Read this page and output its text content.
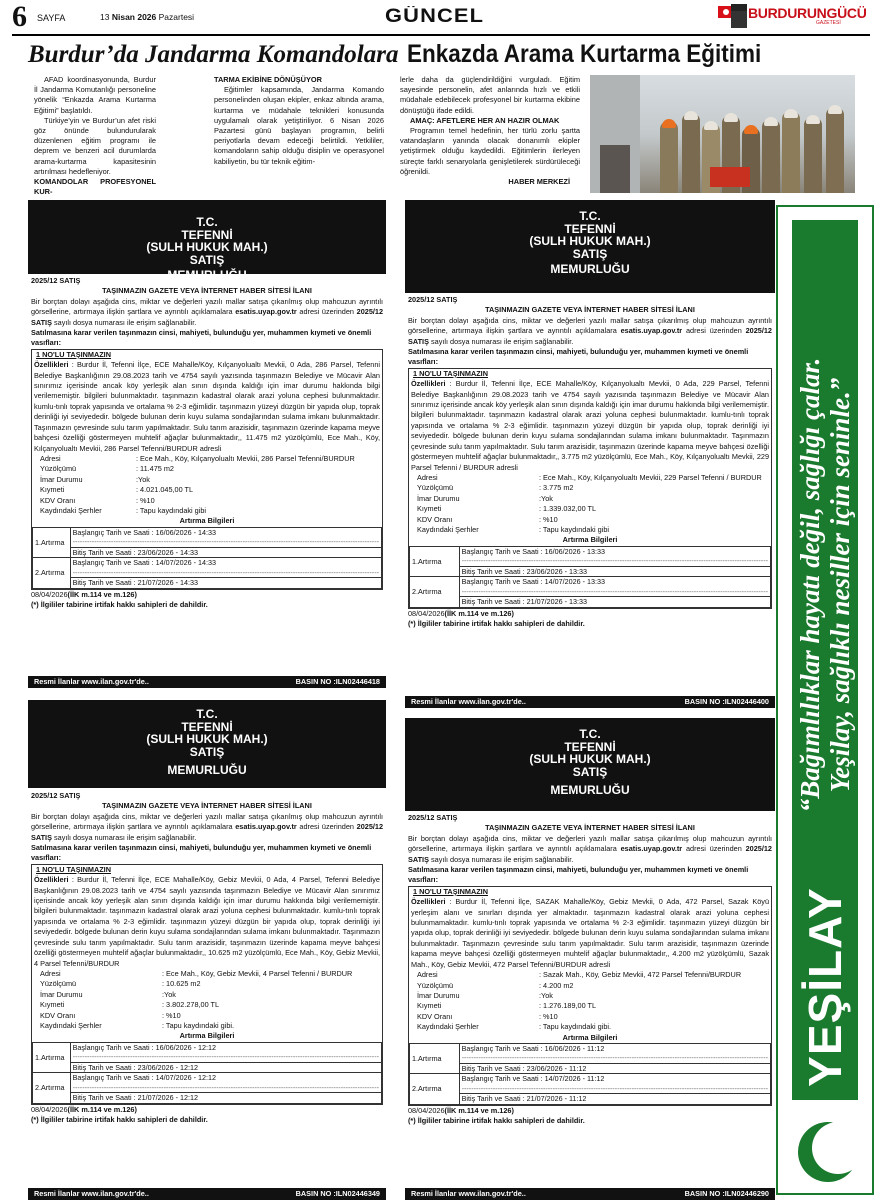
6 SAYFA	13 Nisan 2026 Pazartesi	GÜNCEL	BURDURUNGÜCÜ
GAZETESİ
Burdur’da Jandarma Komandolara Enkazda Arama Kurtarma Eğitimi

AFAD koordinasyonunda, Burdur İl Jandarma Komutanlığı personeline yönelik “Enkazda Arama Kurtarma Eğitimi” başlatıldı.

Türkiye’yin ve Burdur’un afet riski göz önünde bulundurularak düzenlenen eğitim programı ile deprem ve benzeri acil durumlarda arama-kurtarma kapasitesinin artırılması hedefleniyor.

KOMANDOLAR PROFESYONEL KUR-

TARMA EKİBİNE DÖNÜŞÜYOR

Eğitimler kapsamında, Jandarma Komando personelinden oluşan ekipler, enkaz altında arama, kurtarma ve müdahale teknikleri konusunda uygulamalı olarak yetiştiriliyor. 6 Nisan 2026 Pazartesi günü başlayan programın, belirli periyotlarla devam edeceği belirtildi. Yetkililer, komandoların sahip olduğu disiplin ve operasyonel kabiliyetin, bu tür teknik eğitim-

lerle daha da güçlendirildiğini vurguladı. Eğitim sayesinde personelin, afet anlarında hızlı ve etkili müdahale edebilecek profesyonel bir kurtarma ekibine dönüştüğü ifade edildi.

AMAÇ: AFETLERE HER AN HAZIR OLMAK

Programın temel hedefinin, her türlü zorlu şartta vatandaşların yanında olacak donanımlı ekipler yetiştirmek olduğu kaydedildi. Eğitimlerin ilerleyen süreçte farklı senaryolarla genişletilerek sürdürüleceği öğrenildi.

HABER MERKEZİ

T.C.
TEFENNİ
(SULH HUKUK MAH.)
SATIŞ
MEMURLUĞU
2025/12 SATIŞ
TAŞINMAZIN GAZETE VEYA İNTERNET HABER SİTESİ İLANI

Bir borçtan dolayı aşağıda cins, miktar ve değerleri yazılı mallar satışa çıkarılmış olup mahcuzun ayrıntılı görsellerine, artırmaya ilişkin şartlara ve ayrıntılı açıklamalara esatis.uyap.gov.tr adresi üzerinden 2025/12 SATIŞ sayılı dosya numarası ile erişim sağlanabilir.

Satılmasına karar verilen taşınmazın cinsi, mahiyeti, bulunduğu yer, muhammen kıymeti ve önemli vasıfları:
1 NO'LU TAŞINMAZIN

Özellikleri : Burdur İl, Tefenni İlçe, ECE Mahalle/Köy, Kılçanyolualtı Mevkii, 0 Ada, 286 Parsel, Tefenni Belediye Başkanlığının 29.08.2023 tarih ve 4754 sayılı yazısında taşınmazın Belediye ve Mücavir Alan sınırımız içerisinde ancak köy yerleşik alan sınırı dışında kaldığı için imar durumu hakkında bilgi verilememiştir. bilgileri bulunmaktadır. taşınmazın kadastral olarak arazi yoluna cephesi bulunmaktadır. kumlu-tınlı toprak yapısında ve ortalama % 2-3 eğimlidir. taşınmazın yüzeyi düzgün bir yapıda olup, toprak derinliği iyi seviyededir. bölgede bulunan derin kuyu sulama sondajlarından sulama imkanı bulunmaktadır. Taşınmazın çevresinde sulu tarım yapılmaktadır. Sulu tarım arazisidir, taşınmazın üzerinde kapama meyve bahçesi özelliği göstermeyen muhtelif ağaçlar bulunmaktadır,, 11.475 m2 yüzölçümlü, Ece Mah., Köy, Kılçanyolualtı Mevkii, 286 Parsel Tefenni/BURDUR adresli

Adresi	: Ece Mah., Köy, Kılçanyolualtı Mevkii, 286 Parsel Tefenni/BURDUR
Yüzölçümü	: 11.475 m2
İmar Durumu	:Yok
Kıymeti	: 4.021.045,00 TL
KDV Oranı	: %10
Kaydındaki Şerhler	: Tapu kaydındaki gibi
Artırma Bilgileri
1.Artırma	Başlangıç Tarih ve Saati : 16/06/2026 - 14:33
--------------------------------------------------------------------------------------------------------------------------------

	Bitiş Tarih ve Saati : 23/06/2026 - 14:33
2.Artırma	Başlangıç Tarih ve Saati : 14/07/2026 - 14:33
--------------------------------------------------------------------------------------------------------------------------------

	Bitiş Tarih ve Saati : 21/07/2026 - 14:33
08/04/2026(İİK m.114 ve m.126)
(*) İlgililer tabirine irtifak hakkı sahipleri de dahildir.
Resmi İlanlar www.ilan.gov.tr'de..	BASIN NO :ILN02446418
T.C.
TEFENNİ
(SULH HUKUK MAH.)
SATIŞ
MEMURLUĞU
2025/12 SATIŞ
TAŞINMAZIN GAZETE VEYA İNTERNET HABER SİTESİ İLANI

Bir borçtan dolayı aşağıda cins, miktar ve değerleri yazılı mallar satışa çıkarılmış olup mahcuzun ayrıntılı görsellerine, artırmaya ilişkin şartlara ve ayrıntılı açıklamalara esatis.uyap.gov.tr adresi üzerinden 2025/12 SATIŞ sayılı dosya numarası ile erişim sağlanabilir.

Satılmasına karar verilen taşınmazın cinsi, mahiyeti, bulunduğu yer, muhammen kıymeti ve önemli vasıfları:
1 NO'LU TAŞINMAZIN

Özellikleri : Burdur İl, Tefenni İlçe, ECE Mahalle/Köy, Kılçanyolualtı Mevkii, 0 Ada, 229 Parsel, Tefenni Belediye Başkanlığının 29.08.2023 tarih ve 4754 sayılı yazısında taşınmazın Belediye ve Mücavir Alan sınırımız içerisinde ancak köy yerleşik alan sınırı dışında kaldığı için imar durumu hakkında bilgi verilememiştir. bilgileri bulunmaktadır. taşınmazın kadastral olarak arazi yoluna cephesi bulunmaktadır. kumlu-tınlı toprak yapısında ve ortalama % 2-3 eğimlidir. taşınmazın yüzeyi düzgün bir yapıda olup, toprak derinliği iyi seviyededir. bölgede bulunan derin kuyu sulama sondajlarından sulama imkanı bulunmaktadır. Taşınmazın çevresinde sulu tarım yapılmaktadır. Sulu tarım arazisidir, taşınmazın üzerinde kapama meyve bahçesi özelliği göstermeyen muhtelif ağaçlar bulunmaktadır,, 3.775 m2 yüzölçümlü, Ece Mah., Köy, Kılçanyolualtı Mevkii, 229 Parsel Tefenni / BURDUR adresli

Adresi	: Ece Mah., Köy, Kılçanyolualtı Mevkii, 229 Parsel Tefenni / BURDUR
Yüzölçümü	: 3.775 m2
İmar Durumu	:Yok
Kıymeti	: 1.339.032,00 TL
KDV Oranı	: %10
Kaydındaki Şerhler	: Tapu kaydındaki gibi
Artırma Bilgileri
1.Artırma	Başlangıç Tarih ve Saati : 16/06/2026 - 13:33
--------------------------------------------------------------------------------------------------------------------------------

	Bitiş Tarih ve Saati : 23/06/2026 - 13:33
2.Artırma	Başlangıç Tarih ve Saati : 14/07/2026 - 13:33
--------------------------------------------------------------------------------------------------------------------------------

	Bitiş Tarih ve Saati : 21/07/2026 - 13:33
08/04/2026(İİK m.114 ve m.126)
(*) İlgililer tabirine irtifak hakkı sahipleri de dahildir.
Resmi İlanlar www.ilan.gov.tr'de..	BASIN NO :ILN02446400
T.C.
TEFENNİ
(SULH HUKUK MAH.)
SATIŞ
MEMURLUĞU
2025/12 SATIŞ
TAŞINMAZIN GAZETE VEYA İNTERNET HABER SİTESİ İLANI

Bir borçtan dolayı aşağıda cins, miktar ve değerleri yazılı mallar satışa çıkarılmış olup mahcuzun ayrıntılı görsellerine, artırmaya ilişkin şartlara ve ayrıntılı açıklamalara esatis.uyap.gov.tr adresi üzerinden 2025/12 SATIŞ sayılı dosya numarası ile erişim sağlanabilir.

Satılmasına karar verilen taşınmazın cinsi, mahiyeti, bulunduğu yer, muhammen kıymeti ve önemli vasıfları:
1 NO'LU TAŞINMAZIN

Özellikleri : Burdur İl, Tefenni İlçe, ECE Mahalle/Köy, Gebiz Mevkii, 0 Ada, 4 Parsel, Tefenni Belediye Başkanlığının 29.08.2023 tarih ve 4754 sayılı yazısında taşınmazın Belediye ve Mücavir Alan sınırımız içerisinde ancak köy yerleşik alan sınırı dışında kaldığı için imar durumu hakkında bilgi verilememiştir. bilgileri bulunmaktadır. taşınmazın kadastral olarak arazi yoluna cephesi bulunmaktadır. kumlu-tınlı toprak yapısında ve ortalama % 2-3 eğimlidir. taşınmazın yüzeyi düzgün bir yapıda olup, toprak derinliği iyi seviyededir. bölgede bulunan derin kuyu sulama sondajlarından sulama imkanı bulunmaktadır. Taşınmazın çevresinde sulu tarım yapılmaktadır. Sulu tarım arazisidir, taşınmazın üzerinde kapama meyve bahçesi özelliği göstermeyen muhtelif ağaçlar bulunmaktadır,, 10.625 m2 yüzölçümlü, Ece Mah., Köy, Gebiz Mevkii, 4 Parsel Tefenni/BURDUR

Adresi	: Ece Mah., Köy, Gebiz Mevkii, 4 Parsel Tefenni / BURDUR
Yüzölçümü	: 10.625 m2
İmar Durumu	:Yok
Kıymeti	: 3.802.278,00 TL
KDV Oranı	: %10
Kaydındaki Şerhler	: Tapu kaydındaki gibi.
Artırma Bilgileri
1.Artırma	Başlangıç Tarih ve Saati : 16/06/2026 - 12:12
--------------------------------------------------------------------------------------------------------------------------------

	Bitiş Tarih ve Saati : 23/06/2026 - 12:12
2.Artırma	Başlangıç Tarih ve Saati : 14/07/2026 - 12:12
--------------------------------------------------------------------------------------------------------------------------------

	Bitiş Tarih ve Saati : 21/07/2026 - 12:12
08/04/2026(İİK m.114 ve m.126)
(*) İlgililer tabirine irtifak hakkı sahipleri de dahildir.
Resmi İlanlar www.ilan.gov.tr'de..	BASIN NO :ILN02446349
T.C.
TEFENNİ
(SULH HUKUK MAH.)
SATIŞ
MEMURLUĞU
2025/12 SATIŞ
TAŞINMAZIN GAZETE VEYA İNTERNET HABER SİTESİ İLANI

Bir borçtan dolayı aşağıda cins, miktar ve değerleri yazılı mallar satışa çıkarılmış olup mahcuzun ayrıntılı görsellerine, artırmaya ilişkin şartlara ve ayrıntılı açıklamalara esatis.uyap.gov.tr adresi üzerinden 2025/12 SATIŞ sayılı dosya numarası ile erişim sağlanabilir.

Satılmasına karar verilen taşınmazın cinsi, mahiyeti, bulunduğu yer, muhammen kıymeti ve önemli vasıfları:
1 NO'LU TAŞINMAZIN

Özellikleri : Burdur İl, Tefenni İlçe, SAZAK Mahalle/Köy, Gebiz Mevkii, 0 Ada, 472 Parsel, Sazak Köyü yerleşim alanı ve sınırları dışında yer almaktadır. taşınmazın kadastral olarak arazi yoluna cephesi bulunmamaktadır. kumlu-tınlı toprak yapısında ve ortalama % 2-3 eğimlidir. taşınmazın yüzeyi düzgün bir yapıda olup, toprak derinliği iyi seviyededir. bölgede bulunan derin kuyu sulama sondajlarından sulama imkanı bulunmaktadır. Taşınmazın çevresinde sulu tarım yapılmaktadır. Sulu tarım arazisidir, taşınmazın üzerinde kapama meyve bahçesi özelliği göstermeyen muhtelif ağaçlar bulunmaktadır,, 4.200 m2 yüzölçümlü, Sazak Mah., Köy, Gebiz Mevkii, 472 Parsel Tefenni/BURDUR adresli

Adresi	: Sazak Mah., Köy, Gebiz Mevkii, 472 Parsel Tefenni/BURDUR
Yüzölçümü	: 4.200 m2
İmar Durumu	:Yok
Kıymeti	: 1.276.189,00 TL
KDV Oranı	: %10
Kaydındaki Şerhler	: Tapu kaydındaki gibi.
Artırma Bilgileri
1.Artırma	Başlangıç Tarih ve Saati : 16/06/2026 - 11:12
--------------------------------------------------------------------------------------------------------------------------------

	Bitiş Tarih ve Saati : 23/06/2026 - 11:12
2.Artırma	Başlangıç Tarih ve Saati : 14/07/2026 - 11:12
--------------------------------------------------------------------------------------------------------------------------------

	Bitiş Tarih ve Saati : 21/07/2026 - 11:12
08/04/2026(İİK m.114 ve m.126)
(*) İlgililer tabirine irtifak hakkı sahipleri de dahildir.
Resmi İlanlar www.ilan.gov.tr'de..	BASIN NO :ILN02446290
“Bağımlılıklar hayatı değil, sağlığı çalar. Yeşilay, sağlıklı nesiller için seninle.”
YEŞİLAY
